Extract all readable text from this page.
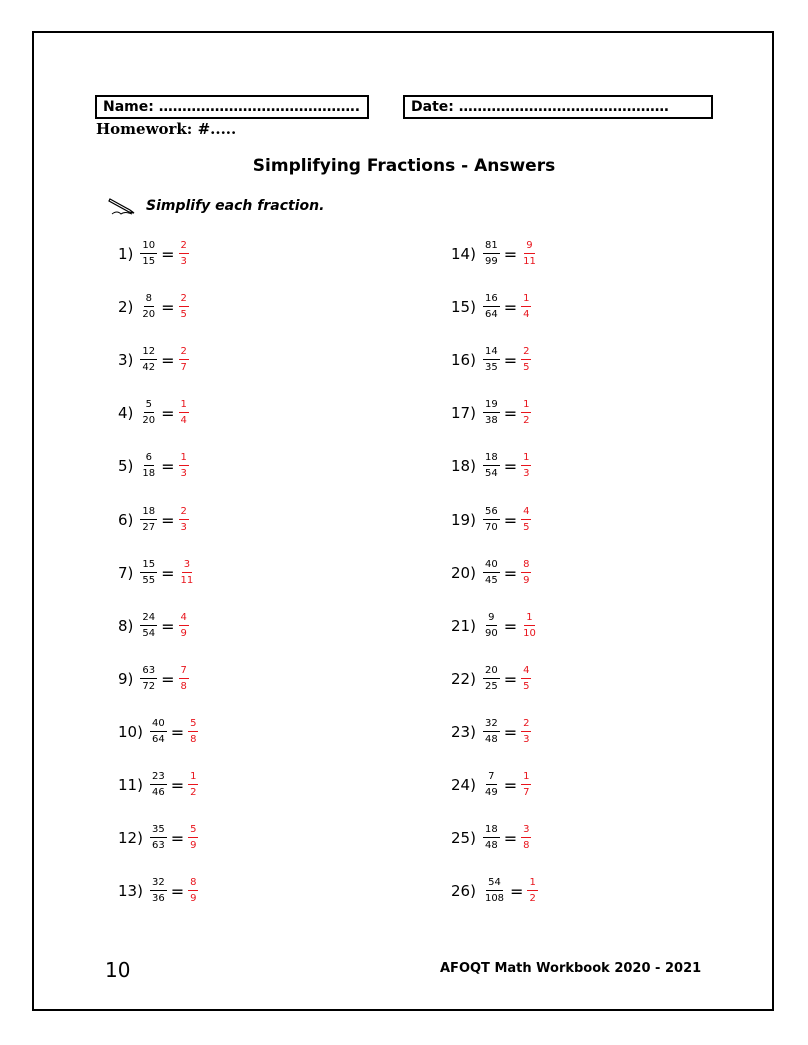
Name: …………………………………….	Date: ………………………………………
Homework: #.....
Simplifying Fractions - Answers
Simplify each fraction.
$1) \frac{10}{15} = \frac{2}{3}$
$2) \frac{8}{20} = \frac{2}{5}$
$3) \frac{12}{42} = \frac{2}{7}$
$4) \frac{5}{20} = \frac{1}{4}$
$5) \frac{6}{18} = \frac{1}{3}$
$6) \frac{18}{27} = \frac{2}{3}$
$7) \frac{15}{55} = \frac{3}{11}$
$8) \frac{24}{54} = \frac{4}{9}$
$9) \frac{63}{72} = \frac{7}{8}$
$10) \frac{40}{64} = \frac{5}{8}$
$11) \frac{23}{46} = \frac{1}{2}$
$12) \frac{35}{63} = \frac{5}{9}$
$13) \frac{32}{36} = \frac{8}{9}$
$14) \frac{81}{99} = \frac{9}{11}$
$15) \frac{16}{64} = \frac{1}{4}$
$16) \frac{14}{35} = \frac{2}{5}$
$17) \frac{19}{38} = \frac{1}{2}$
$18) \frac{18}{54} = \frac{1}{3}$
$19) \frac{56}{70} = \frac{4}{5}$
$20) \frac{40}{45} = \frac{8}{9}$
$21) \frac{9}{90} = \frac{1}{10}$
$22) \frac{20}{25} = \frac{4}{5}$
$23) \frac{32}{48} = \frac{2}{3}$
$24) \frac{7}{49} = \frac{1}{7}$
$25) \frac{18}{48} = \frac{3}{8}$
$26) \frac{54}{108} = \frac{1}{2}$
10	AFOQT Math Workbook 2020 - 2021
